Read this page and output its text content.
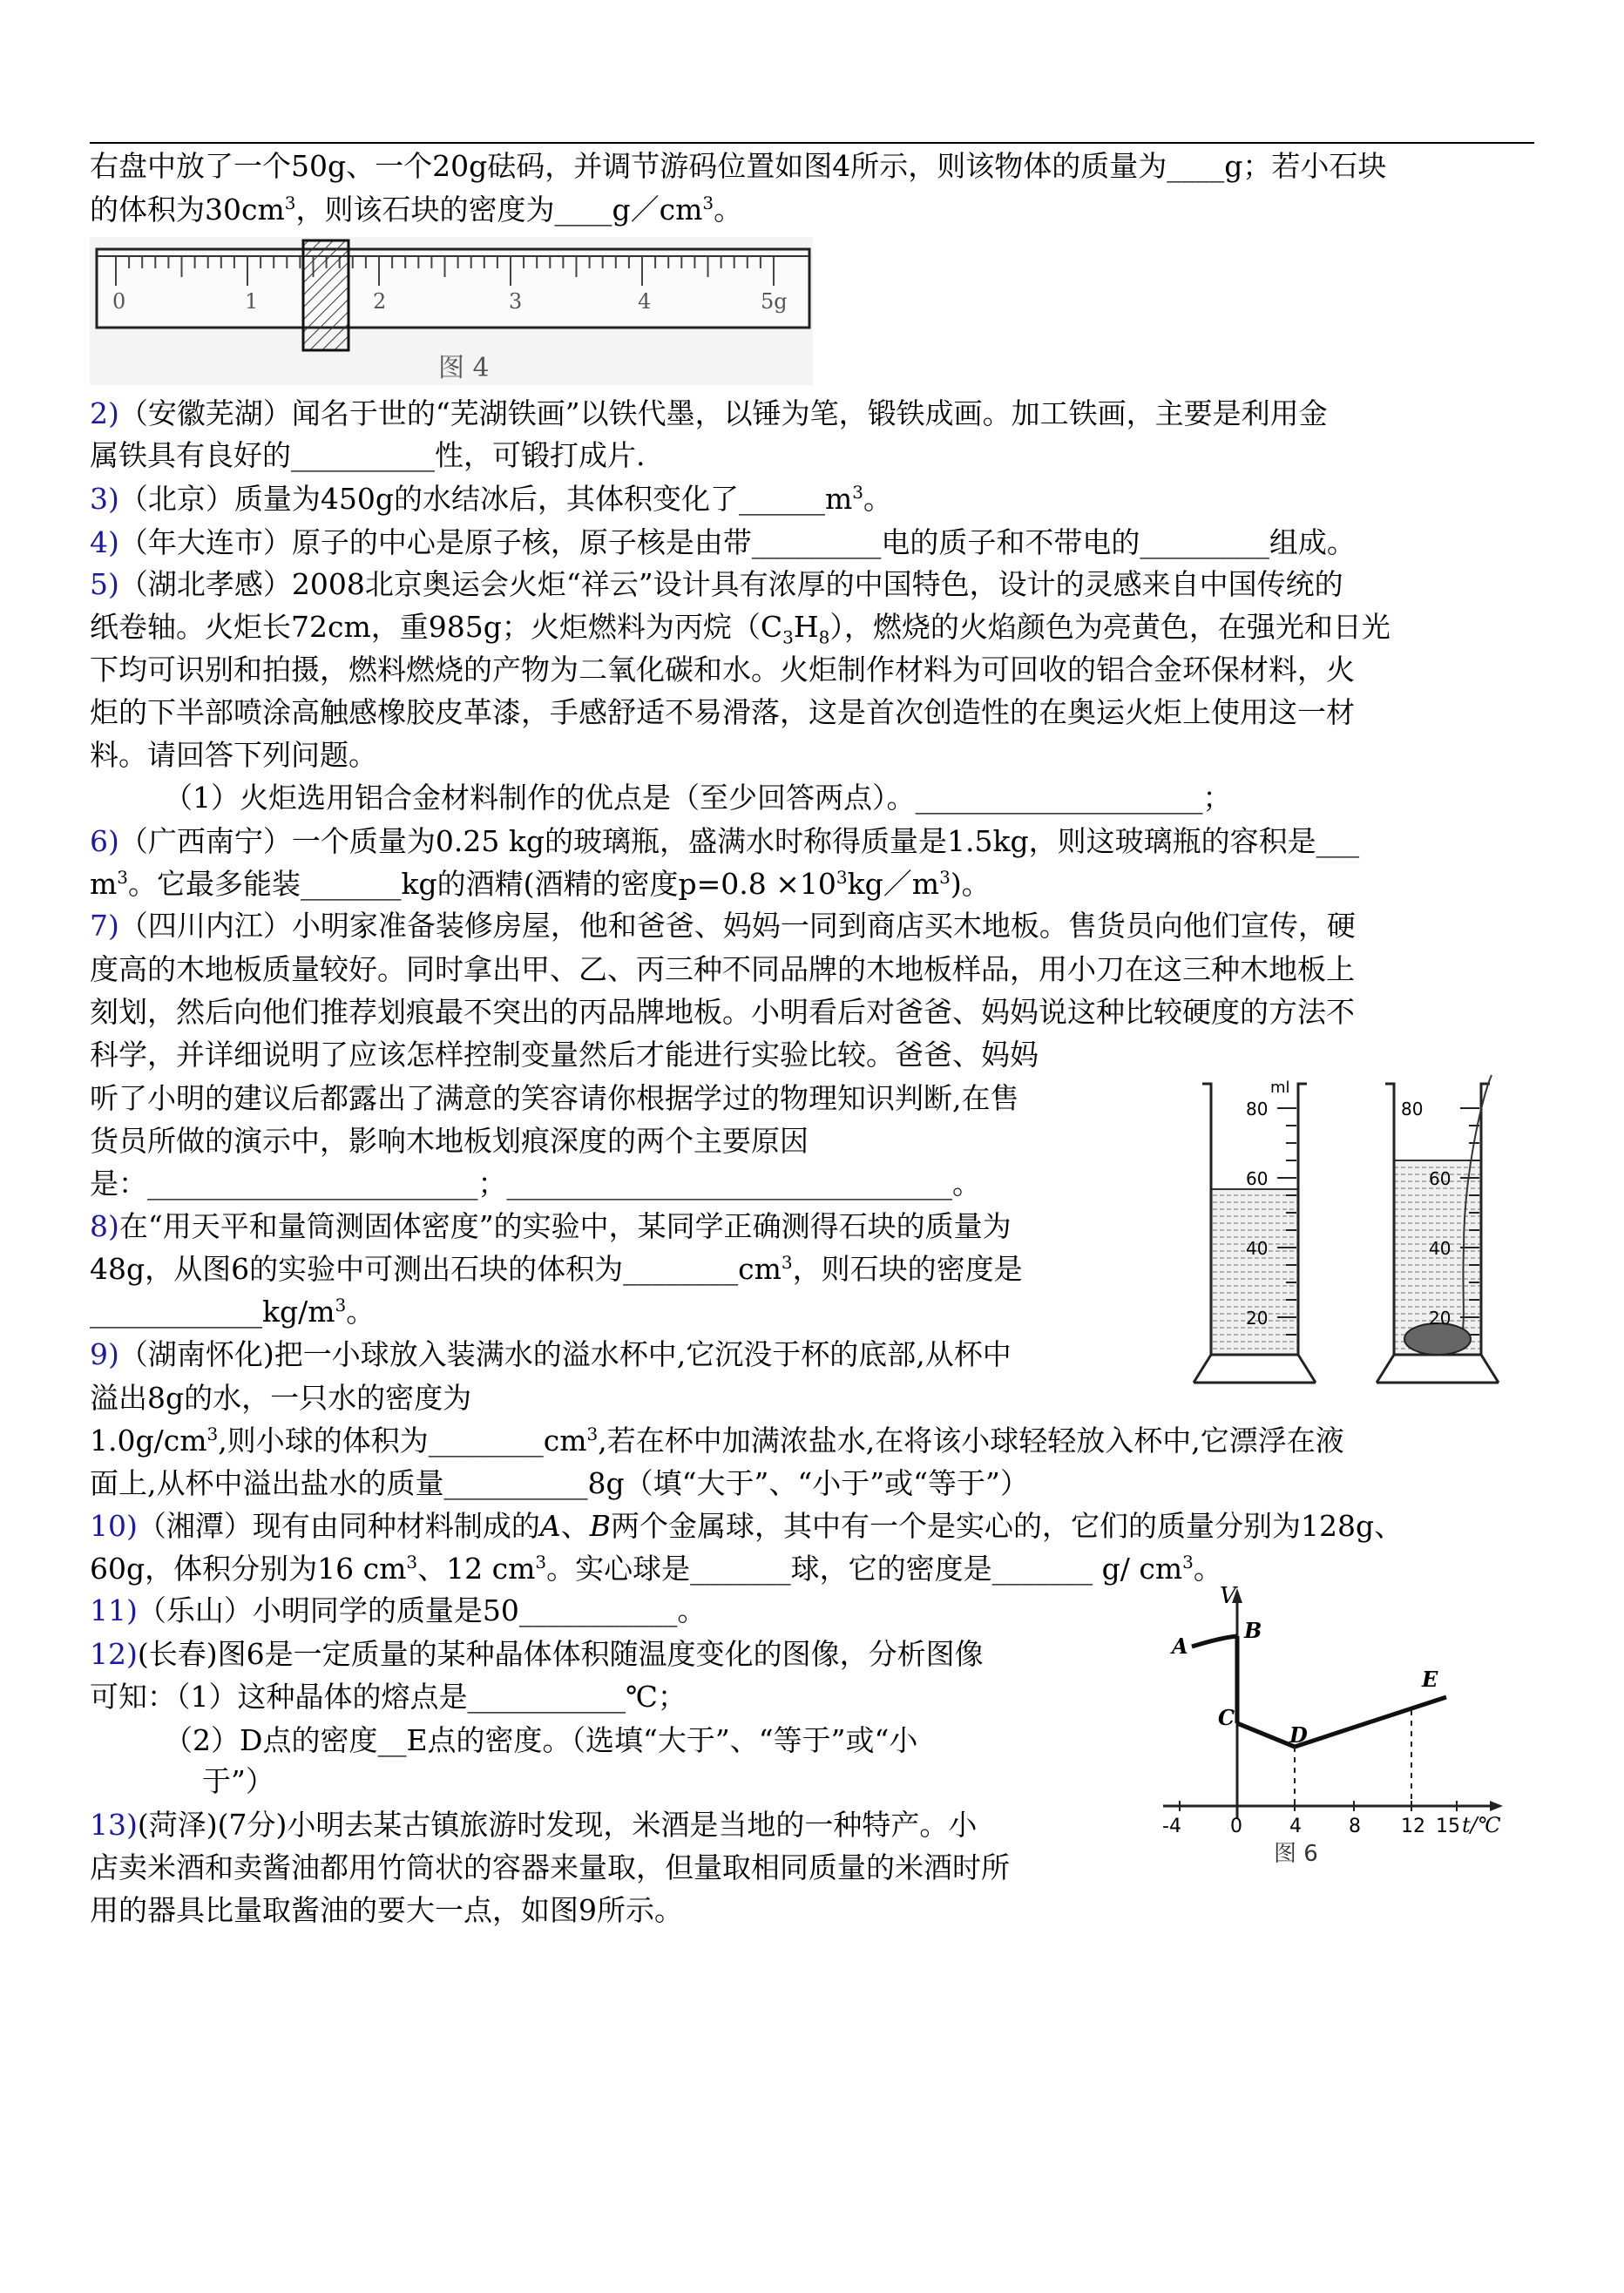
右盘中放了一个50g、一个20g砝码，并调节游码位置如图4所示，则该物体的质量为____g；若小石块
的体积为$30cm^3$，则该石块的密度为$\_\_\_\_g/cm^3$。
0	1	2	3	4	5g
图 4
2)（安徽芜湖）闻名于世的“芜湖铁画”以铁代墨，以锤为笔，锻铁成画。加工铁画，主要是利用金
属铁具有良好的__________性，可锻打成片.
3)（北京）质量为450g的水结冰后，其体积变化了$\_\_\_\_\_\_m^3$。
4)（年大连市）原子的中心是原子核，原子核是由带_________电的质子和不带电的_________组成。
5)（湖北孝感）2008北京奥运会火炬“祥云”设计具有浓厚的中国特色，设计的灵感来自中国传统的
纸卷轴。火炬长72cm，重985g；火炬燃料为丙烷$(C_3H_8)$，燃烧的火焰颜色为亮黄色，在强光和日光
下均可识别和拍摄，燃料燃烧的产物为二氧化碳和水。火炬制作材料为可回收的铝合金环保材料，火
炬的下半部喷涂高触感橡胶皮革漆，手感舒适不易滑落，这是首次创造性的在奥运火炬上使用这一材
料。请回答下列问题。
（1）火炬选用铝合金材料制作的优点是（至少回答两点）。____________________；
6)（广西南宁）一个质量为0.25 kg的玻璃瓶，盛满水时称得质量是1.5kg，则这玻璃瓶的容积是___
$m^3$。它最多能装_______kg的酒精(酒精的密度$p=0.8 \times 10^3kg/m^3$)。
7)（四川内江）小明家准备装修房屋，他和爸爸、妈妈一同到商店买木地板。售货员向他们宣传，硬
度高的木地板质量较好。同时拿出甲、乙、丙三种不同品牌的木地板样品，用小刀在这三种木地板上
刻划，然后向他们推荐划痕最不突出的丙品牌地板。小明看后对爸爸、妈妈说这种比较硬度的方法不
科学，并详细说明了应该怎样控制变量然后才能进行实验比较。爸爸、妈妈
听了小明的建议后都露出了满意的笑容请你根据学过的物理知识判断,在售
货员所做的演示中，影响木地板划痕深度的两个主要原因
是：_______________________；_______________________________。
ml
80
60
40
20
80
60
40
20
8)在“用天平和量筒测固体密度”的实验中，某同学正确测得石块的质量为
48g，从图6的实验中可测出石块的体积为$\_\_\_\_\_\_\_\_cm^3$，则石块的密度是
$\_\_\_\_\_\_\_\_\_\_\_\_kg/m^3$。
9)（湖南怀化)把一小球放入装满水的溢水杯中,它沉没于杯的底部,从杯中
溢出8g的水，一只水的密度为
$1.0g/cm^3$,则小球的体积为$\_\_\_\_\_\_\_\_cm^3$,若在杯中加满浓盐水,在将该小球轻轻放入杯中,它漂浮在液
面上,从杯中溢出盐水的质量__________8g（填“大于”、“小于”或“等于”）
10)（湘潭）现有由同种材料制成的A、B两个金属球，其中有一个是实心的，它们的质量分别为128g、
60g，体积分别为16 $cm^3$、12 $cm^3$。实心球是_______球，它的密度是_______ g/ $cm^3$。
11)（乐山）小明同学的质量是50___________。
12)(长春)图6是一定质量的某种晶体体积随温度变化的图像，分析图像
可知：（1）这种晶体的熔点是___________℃；
（2）D点的密度__E点的密度。（选填“大于”、“等于”或“小
于”）
V
t/℃
-4	0 4 8 12 15
A
B
C
D
E
图 6
13)(菏泽)(7分)小明去某古镇旅游时发现，米酒是当地的一种特产。小
店卖米酒和卖酱油都用竹筒状的容器来量取，但量取相同质量的米酒时所
用的器具比量取酱油的要大一点，如图9所示。
